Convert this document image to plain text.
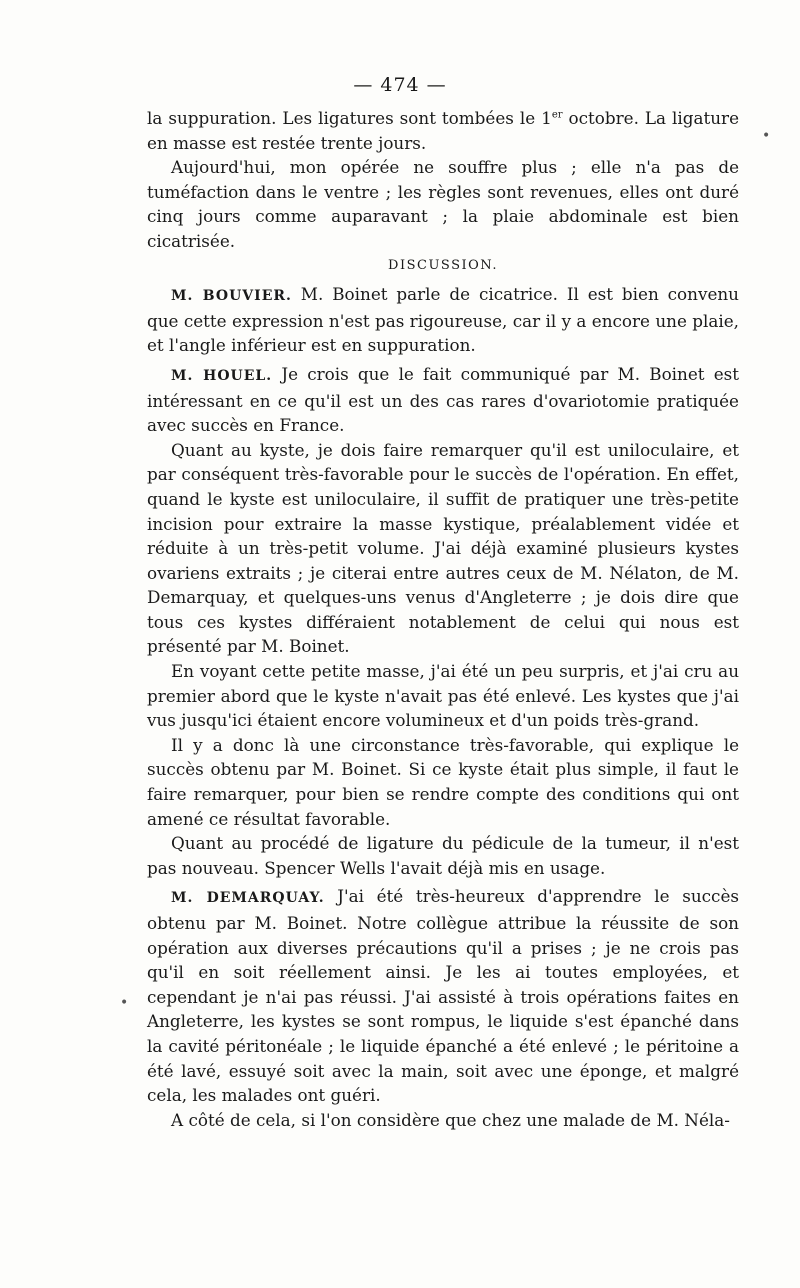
— 474 —
•
•

la suppuration. Les ligatures sont tombées le 1er octobre. La ligature en masse est restée trente jours.

Aujourd'hui, mon opérée ne souffre plus ; elle n'a pas de tuméfaction dans le ventre ; les règles sont revenues, elles ont duré cinq jours comme auparavant ; la plaie abdominale est bien cicatrisée.

DISCUSSION.

M. BOUVIER. M. Boinet parle de cicatrice. Il est bien convenu que cette expression n'est pas rigoureuse, car il y a encore une plaie, et l'angle inférieur est en suppuration.

M. HOUEL. Je crois que le fait communiqué par M. Boinet est intéressant en ce qu'il est un des cas rares d'ovariotomie pratiquée avec succès en France.

Quant au kyste, je dois faire remarquer qu'il est uniloculaire, et par conséquent très-favorable pour le succès de l'opération. En effet, quand le kyste est uniloculaire, il suffit de pratiquer une très-petite incision pour extraire la masse kystique, préalablement vidée et réduite à un très-petit volume. J'ai déjà examiné plusieurs kystes ovariens extraits ; je citerai entre autres ceux de M. Nélaton, de M. Demarquay, et quelques-uns venus d'Angleterre ; je dois dire que tous ces kystes différaient notablement de celui qui nous est présenté par M. Boinet.

En voyant cette petite masse, j'ai été un peu surpris, et j'ai cru au premier abord que le kyste n'avait pas été enlevé. Les kystes que j'ai vus jusqu'ici étaient encore volumineux et d'un poids très-grand.

Il y a donc là une circonstance très-favorable, qui explique le succès obtenu par M. Boinet. Si ce kyste était plus simple, il faut le faire remarquer, pour bien se rendre compte des conditions qui ont amené ce résultat favorable.

Quant au procédé de ligature du pédicule de la tumeur, il n'est pas nouveau. Spencer Wells l'avait déjà mis en usage.

M. DEMARQUAY. J'ai été très-heureux d'apprendre le succès obtenu par M. Boinet. Notre collègue attribue la réussite de son opération aux diverses précautions qu'il a prises ; je ne crois pas qu'il en soit réellement ainsi. Je les ai toutes employées, et cependant je n'ai pas réussi. J'ai assisté à trois opérations faites en Angleterre, les kystes se sont rompus, le liquide s'est épanché dans la cavité péritonéale ; le liquide épanché a été enlevé ; le péritoine a été lavé, essuyé soit avec la main, soit avec une éponge, et malgré cela, les malades ont guéri.

A côté de cela, si l'on considère que chez une malade de M. Néla-
